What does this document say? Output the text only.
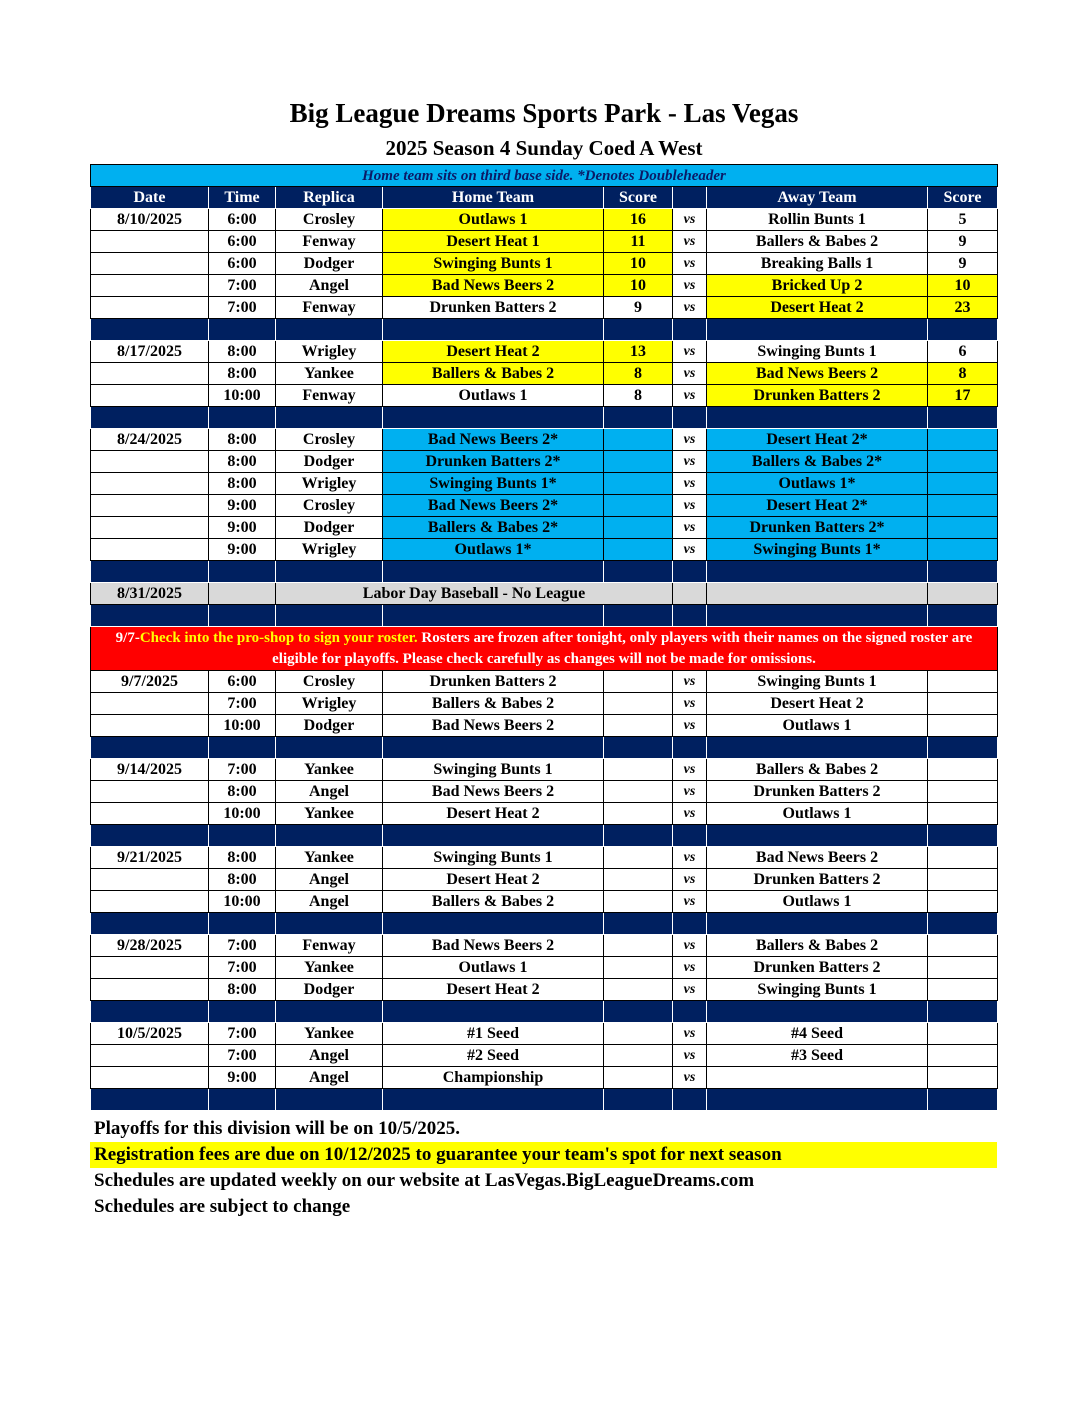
Big League Dreams Sports Park - Las Vegas
2025 Season 4 Sunday Coed A West
Home team sits on third base side. *Denotes Doubleheader							
Date	Time	Replica	Home Team	Score		Away Team	Score
8/10/2025	6:00	Crosley	Outlaws 1	16	vs	Rollin Bunts 1	5
	6:00	Fenway	Desert Heat 1	11	vs	Ballers & Babes 2	9
	6:00	Dodger	Swinging Bunts 1	10	vs	Breaking Balls 1	9
	7:00	Angel	Bad News Beers 2	10	vs	Bricked Up 2	10
	7:00	Fenway	Drunken Batters 2	9	vs	Desert Heat 2	23

8/17/2025	8:00	Wrigley	Desert Heat 2	13	vs	Swinging Bunts 1	6
	8:00	Yankee	Ballers & Babes 2	8	vs	Bad News Beers 2	8
	10:00	Fenway	Outlaws 1	8	vs	Drunken Batters 2	17

8/24/2025	8:00	Crosley	Bad News Beers 2*		vs	Desert Heat 2*	
	8:00	Dodger	Drunken Batters 2*		vs	Ballers & Babes 2*	
	8:00	Wrigley	Swinging Bunts 1*		vs	Outlaws 1*	
	9:00	Crosley	Bad News Beers 2*		vs	Desert Heat 2*	
	9:00	Dodger	Ballers & Babes 2*		vs	Drunken Batters 2*	
	9:00	Wrigley	Outlaws 1*		vs	Swinging Bunts 1*	

8/31/2025		Labor Day Baseball - No League					

9/7-Check into the pro-shop to sign your roster. Rosters are frozen after tonight, only players with their names on the signed roster are eligible for playoffs. Please check carefully as changes will not be made for omissions.							
9/7/2025	6:00	Crosley	Drunken Batters 2		vs	Swinging Bunts 1	
	7:00	Wrigley	Ballers & Babes 2		vs	Desert Heat 2	
	10:00	Dodger	Bad News Beers 2		vs	Outlaws 1	

9/14/2025	7:00	Yankee	Swinging Bunts 1		vs	Ballers & Babes 2	
	8:00	Angel	Bad News Beers 2		vs	Drunken Batters 2	
	10:00	Yankee	Desert Heat 2		vs	Outlaws 1	

9/21/2025	8:00	Yankee	Swinging Bunts 1		vs	Bad News Beers 2	
	8:00	Angel	Desert Heat 2		vs	Drunken Batters 2	
	10:00	Angel	Ballers & Babes 2		vs	Outlaws 1	

9/28/2025	7:00	Fenway	Bad News Beers 2		vs	Ballers & Babes 2	
	7:00	Yankee	Outlaws 1		vs	Drunken Batters 2	
	8:00	Dodger	Desert Heat 2		vs	Swinging Bunts 1	

10/5/2025	7:00	Yankee	#1 Seed		vs	#4 Seed	
	7:00	Angel	#2 Seed		vs	#3 Seed	
	9:00	Angel	Championship		vs		

Playoffs for this division will be on 10/5/2025.
Registration fees are due on 10/12/2025 to guarantee your team's spot for next season
Schedules are updated weekly on our website at LasVegas.BigLeagueDreams.com
Schedules are subject to change
